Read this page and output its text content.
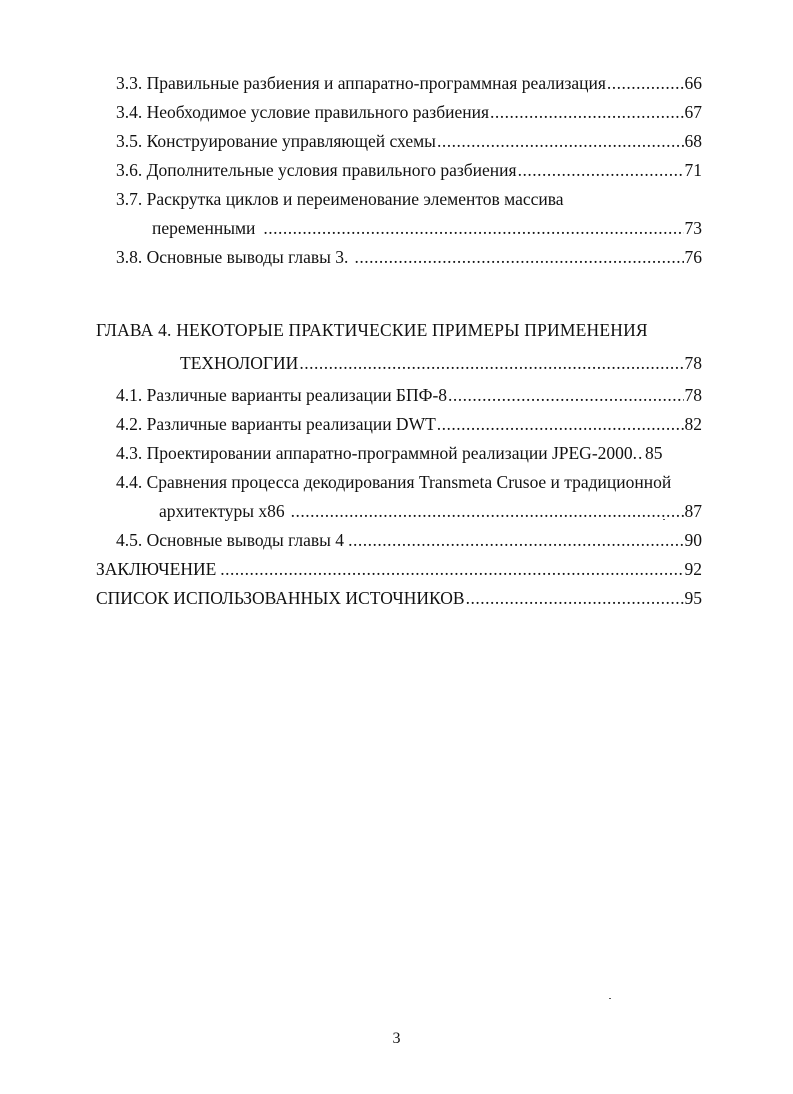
3.3. Правильные разбиения и аппаратно-программная реализация .....	66
3.4. Необходимое условие правильного разбиения .....	67
3.5. Конструирование управляющей схемы .....	68
3.6. Дополнительные условия правильного разбиения .....	71
3.7. Раскрутка циклов и переименование элементов массива
переменными .....	73
3.8. Основные выводы главы 3. .....	76
ГЛАВА 4. НЕКОТОРЫЕ ПРАКТИЧЕСКИЕ ПРИМЕРЫ ПРИМЕНЕНИЯ
ТЕХНОЛОГИИ .....	78
4.1. Различные варианты реализации БПФ-8 .....	78
4.2. Различные варианты реализации DWT .....	82
4.3. Проектировании аппаратно-программной реализации JPEG-2000. ..... 85
4.4. Сравнения процесса декодирования Transmeta Crusoe и традиционной
архитектуры x86 .....	87
4.5. Основные выводы главы 4 .....	90
ЗАКЛЮЧЕНИЕ .....	92
СПИСОК ИСПОЛЬЗОВАННЫХ ИСТОЧНИКОВ .....	95
3
